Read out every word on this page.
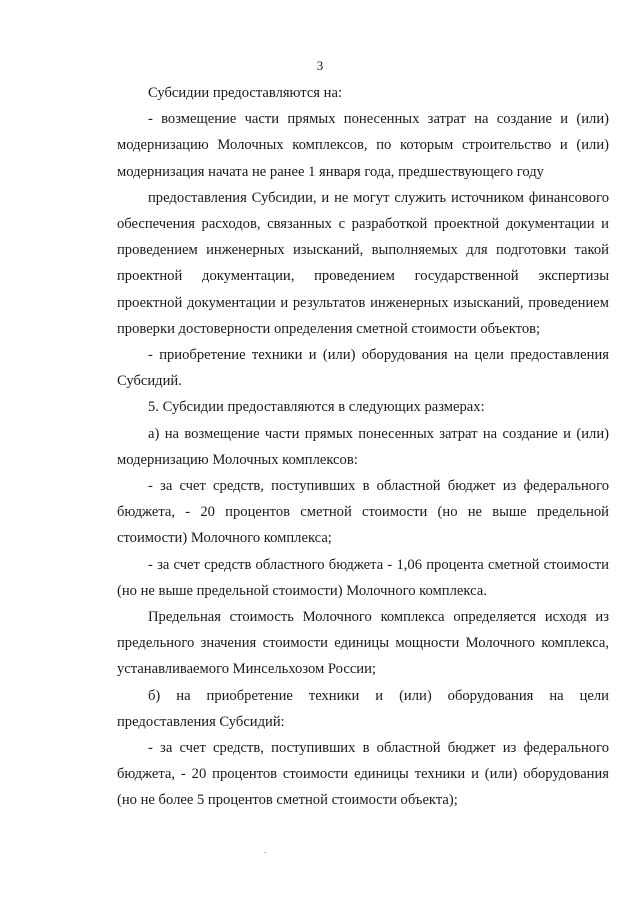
3

Субсидии предоставляются на:

- возмещение части прямых понесенных затрат на создание и (или) модернизацию Молочных комплексов, по которым строительство и (или) модернизация начата не ранее 1 января года, предшествующего году

предоставления Субсидии, и не могут служить источником финансового обеспечения расходов, связанных с разработкой проектной документации и проведением инженерных изысканий, выполняемых для подготовки такой проектной документации, проведением государственной экспертизы проектной документации и результатов инженерных изысканий, проведением проверки достоверности определения сметной стоимости объектов;

- приобретение техники и (или) оборудования на цели предоставления Субсидий.

5. Субсидии предоставляются в следующих размерах:

а) на возмещение части прямых понесенных затрат на создание и (или) модернизацию Молочных комплексов:

- за счет средств, поступивших в областной бюджет из федерального бюджета, - 20 процентов сметной стоимости (но не выше предельной стоимости) Молочного комплекса;

- за счет средств областного бюджета - 1,06 процента сметной стоимости (но не выше предельной стоимости) Молочного комплекса.

Предельная стоимость Молочного комплекса определяется исходя из предельного значения стоимости единицы мощности Молочного комплекса, устанавливаемого Минсельхозом России;

б) на приобретение техники и (или) оборудования на цели предоставления Субсидий:

- за счет средств, поступивших в областной бюджет из федерального бюджета, - 20 процентов стоимости единицы техники и (или) оборудования (но не более 5 процентов сметной стоимости объекта);
